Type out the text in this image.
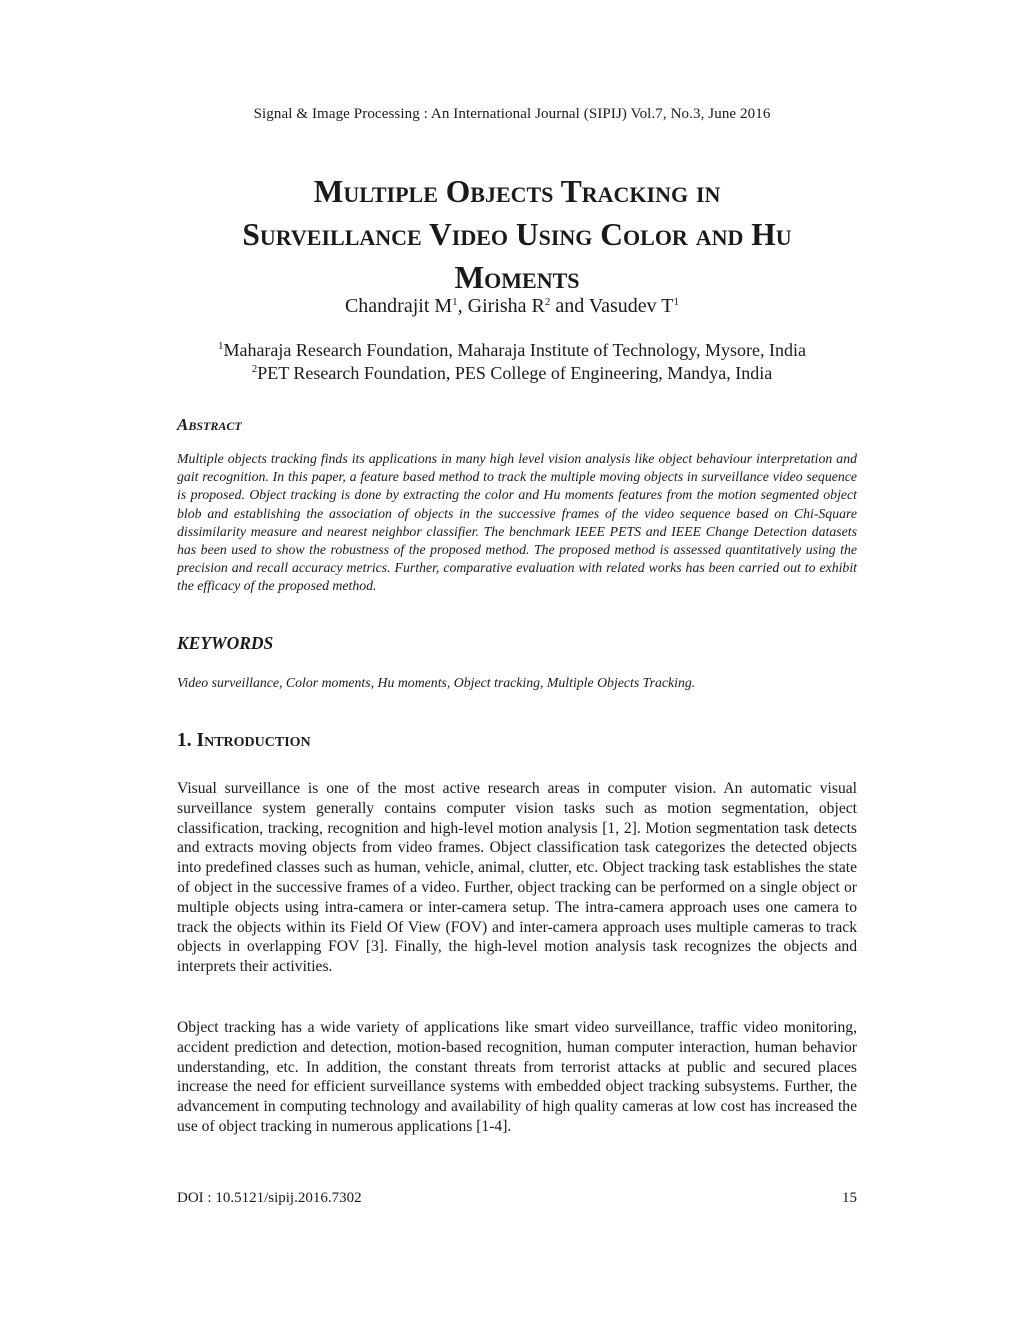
Signal & Image Processing : An International Journal (SIPIJ) Vol.7, No.3, June 2016
Multiple Objects Tracking in
Surveillance Video Using Color and Hu
Moments
Chandrajit $M^1$, Girisha $R^2$ and Vasudev $T^1$
$^1$Maharaja Research Foundation, Maharaja Institute of Technology, Mysore, India
$^2$PET Research Foundation, PES College of Engineering, Mandya, India
Abstract

Multiple objects tracking finds its applications in many high level vision analysis like object behaviour interpretation and gait recognition. In this paper, a feature based method to track the multiple moving objects in surveillance video sequence is proposed. Object tracking is done by extracting the color and Hu moments features from the motion segmented object blob and establishing the association of objects in the successive frames of the video sequence based on Chi-Square dissimilarity measure and nearest neighbor classifier. The benchmark IEEE PETS and IEEE Change Detection datasets has been used to show the robustness of the proposed method. The proposed method is assessed quantitatively using the precision and recall accuracy metrics. Further, comparative evaluation with related works has been carried out to exhibit the efficacy of the proposed method.

KEYWORDS

Video surveillance, Color moments, Hu moments, Object tracking, Multiple Objects Tracking.

1. Introduction

Visual surveillance is one of the most active research areas in computer vision. An automatic visual surveillance system generally contains computer vision tasks such as motion segmentation, object classification, tracking, recognition and high-level motion analysis [1, 2]. Motion segmentation task detects and extracts moving objects from video frames. Object classification task categorizes the detected objects into predefined classes such as human, vehicle, animal, clutter, etc. Object tracking task establishes the state of object in the successive frames of a video. Further, object tracking can be performed on a single object or multiple objects using intra-camera or inter-camera setup. The intra-camera approach uses one camera to track the objects within its Field Of View (FOV) and inter-camera approach uses multiple cameras to track objects in overlapping FOV [3]. Finally, the high-level motion analysis task recognizes the objects and interprets their activities.

Object tracking has a wide variety of applications like smart video surveillance, traffic video monitoring, accident prediction and detection, motion-based recognition, human computer interaction, human behavior understanding, etc. In addition, the constant threats from terrorist attacks at public and secured places increase the need for efficient surveillance systems with embedded object tracking subsystems. Further, the advancement in computing technology and availability of high quality cameras at low cost has increased the use of object tracking in numerous applications [1-4].

DOI : 10.5121/sipij.2016.7302	15
